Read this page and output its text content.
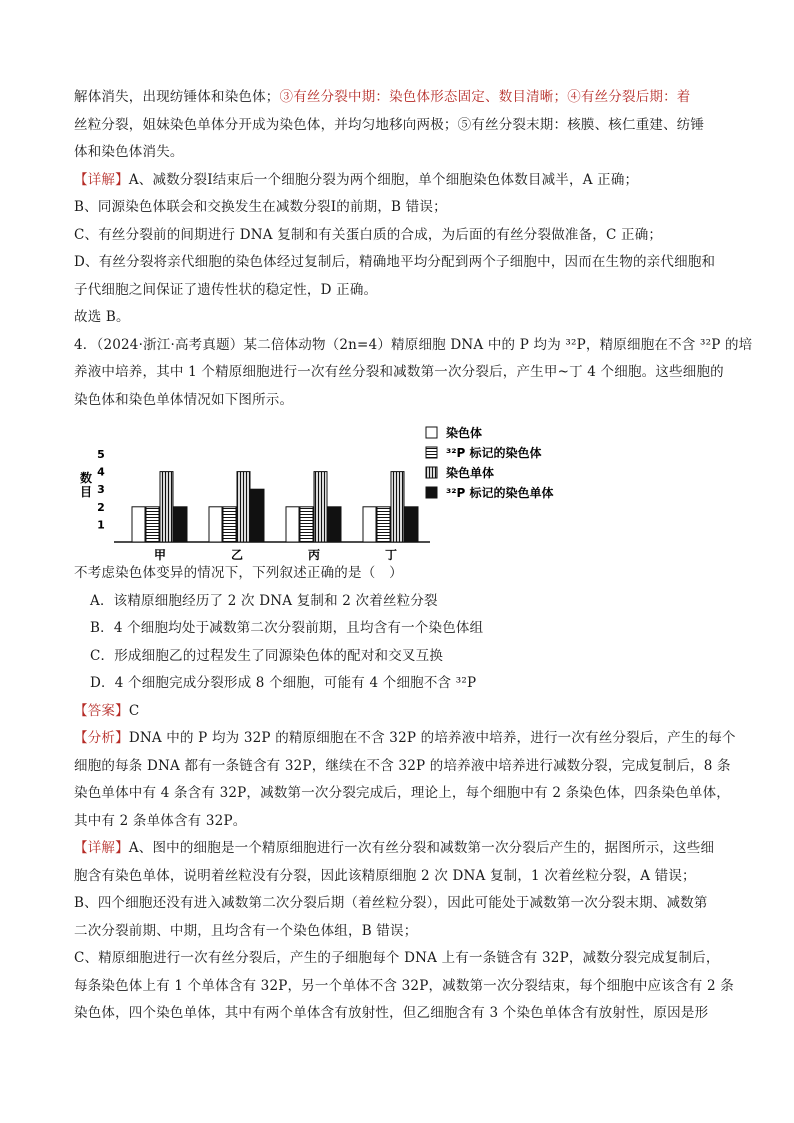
解体消失，出现纺锤体和染色体；③有丝分裂中期：染色体形态固定、数目清晰；④有丝分裂后期：着
丝粒分裂，姐妹染色单体分开成为染色体，并均匀地移向两极；⑤有丝分裂末期：核膜、核仁重建、纺锤
体和染色体消失。
【详解】A、减数分裂Ⅰ结束后一个细胞分裂为两个细胞，单个细胞染色体数目减半，A 正确；
B、同源染色体联会和交换发生在减数分裂Ⅰ的前期，B 错误；
C、有丝分裂前的间期进行 DNA 复制和有关蛋白质的合成，为后面的有丝分裂做准备，C 正确；
D、有丝分裂将亲代细胞的染色体经过复制后，精确地平均分配到两个子细胞中，因而在生物的亲代细胞和
子代细胞之间保证了遗传性状的稳定性，D 正确。
故选 B。
4．（2024·浙江·高考真题）某二倍体动物（2n=4）精原细胞 DNA 中的 P 均为 ³²P，精原细胞在不含 ³²P 的培
养液中培养，其中 1 个精原细胞进行一次有丝分裂和减数第一次分裂后，产生甲~丁 4 个细胞。这些细胞的
染色体和染色单体情况如下图所示。
1
2
3
4
5
数
目
甲	乙	丙	丁
染色体
³²P 标记的染色体
染色单体
³²P 标记的染色单体
不考虑染色体变异的情况下，下列叙述正确的是（　）
A．该精原细胞经历了 2 次 DNA 复制和 2 次着丝粒分裂
B．4 个细胞均处于减数第二次分裂前期，且均含有一个染色体组
C．形成细胞乙的过程发生了同源染色体的配对和交叉互换
D．4 个细胞完成分裂形成 8 个细胞，可能有 4 个细胞不含 ³²P
【答案】C
【分析】DNA 中的 P 均为 32P 的精原细胞在不含 32P 的培养液中培养，进行一次有丝分裂后，产生的每个
细胞的每条 DNA 都有一条链含有 32P，继续在不含 32P 的培养液中培养进行减数分裂，完成复制后，8 条
染色单体中有 4 条含有 32P，减数第一次分裂完成后，理论上，每个细胞中有 2 条染色体，四条染色单体，
其中有 2 条单体含有 32P。
【详解】A、图中的细胞是一个精原细胞进行一次有丝分裂和减数第一次分裂后产生的，据图所示，这些细
胞含有染色单体，说明着丝粒没有分裂，因此该精原细胞 2 次 DNA 复制，1 次着丝粒分裂，A 错误；
B、四个细胞还没有进入减数第二次分裂后期（着丝粒分裂），因此可能处于减数第一次分裂末期、减数第
二次分裂前期、中期，且均含有一个染色体组，B 错误；
C、精原细胞进行一次有丝分裂后，产生的子细胞每个 DNA 上有一条链含有 32P，减数分裂完成复制后，
每条染色体上有 1 个单体含有 32P，另一个单体不含 32P，减数第一次分裂结束，每个细胞中应该含有 2 条
染色体，四个染色单体，其中有两个单体含有放射性，但乙细胞含有 3 个染色单体含有放射性，原因是形
